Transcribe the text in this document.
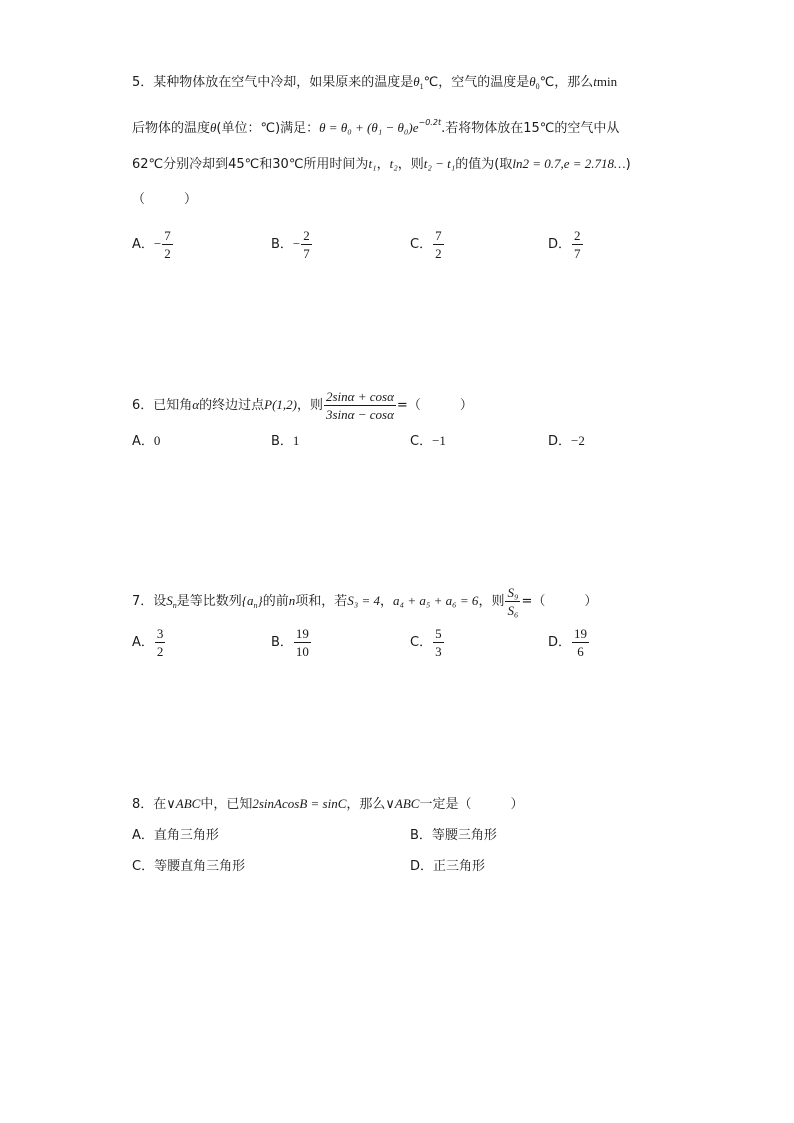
5．某种物体放在空气中冷却，如果原来的温度是$\theta_1℃$，空气的温度是$\theta_0℃$，那么tmin
后物体的温度θ(单位：℃)满足：$\theta = \theta_0 + (\theta_1 - \theta_0)e^{-0.2t}$.若将物体放在15℃的空气中从
62℃分别冷却到45℃和30℃所用时间为t₁，t₂，则t₂ − t₁的值为(取ln2 = 0.7,e = 2.718…)
（　　　）
A．− $\frac{7}{2}$	B．− $\frac{2}{7}$	C． $\frac{7}{2}$	D． $\frac{2}{7}$
6．已知角α的终边过点P(1,2)，则 $\frac{2\sin\alpha + \cos\alpha}{3\sin\alpha - \cos\alpha}$ =（　　　）
A．0	B．1	C．−1	D．−2
7．设$S_n$是等比数列$\{a_n\}$的前n项和，若S₃ = 4，a₄ + a₅ + a₆ = 6，则 $\frac{\text{S₉}}{\text{S₆}}$ =（　　　）
A． $\frac{3}{2}$	B． $\frac{19}{10}$	C． $\frac{5}{3}$	D． $\frac{19}{6}$
8．在∨ABC中，已知2sinAcosB = sinC，那么∨ABC一定是（　　　）
A．直角三角形	B．等腰三角形
C．等腰直角三角形	D．正三角形
